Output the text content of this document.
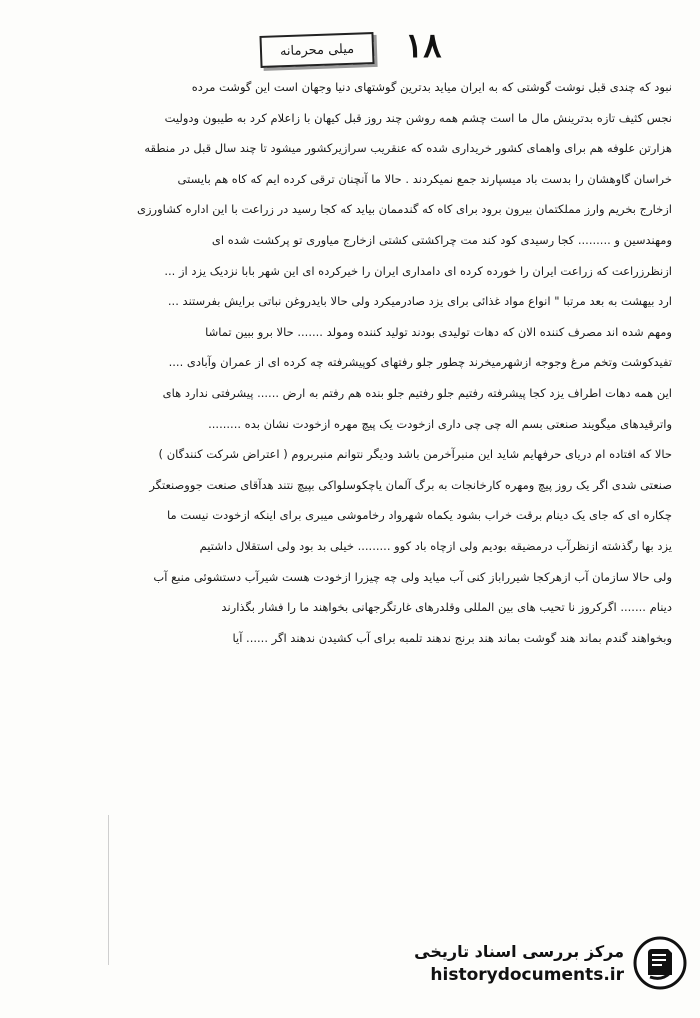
میلی محرمانه	۱۸
نبود که چندی قبل نوشت گوشتی که به ایران میاید بدترین گوشتهای دنیا وجهان است این گوشت مرده
نجس کثیف تازه بدترینش مال ما است چشم همه روشن چند روز قبل کیهان با زاعلام کرد به طیبون ودولیت
هزارتن علوفه هم برای واهمای کشور خریداری شده که عنقریب سرازیرکشور میشود تا چند سال قبل در منطقه
خراسان گاوهشان را بدست باد میسپارند جمع نمیکردند . حالا ما آنچنان ترقی کرده ایم که کاه هم بایستی
ازخارج بخریم وارز مملکتمان بیرون برود برای کاه که گندممان بیاید که کجا رسید در زراعت با این اداره کشاورزی
ومهندسین و ......... کجا رسیدی کود کند مت چراکشتی کشتی ازخارج میاوری تو پرکشت شده ای
ازنظرزراعت که زراعت ایران را خورده کرده ای دامداری ایران را خیرکرده ای این شهر بابا نزدیک یزد از ...
ارد بیهشت به بعد مرتبا " انواع مواد غذائی برای یزد صادرمیکرد ولی حالا بایدروغن نباتی برایش بفرستند ...
ومهم شده اند مصرف کننده الان که دهات تولیدی بودند تولید کننده ومولد ....... حالا برو ببین تماشا
تفیدکوشت وتخم مرغ وجوجه ازشهرمیخرند چطور جلو رفتهای کوپیشرفته چه کرده ای از عمران وآبادی ....
این همه دهات اطراف یزد کجا پیشرفته رفتیم جلو رفتیم جلو بنده هم رفتم به ارض ...... پیشرفتی ندارد های
واترقیدهای میگویند صنعتی بسم اله چی چی داری ازخودت یک پیچ مهره ازخودت نشان بده .........
حالا که افتاده ام دریای حرفهایم شاید این منبرآخرمن باشد ودیگر نتوانم منبربروم ( اعتراض شرکت کنندگان )
صنعتی شدی اگر یک روز پیچ ومهره کارخانجات به برگ آلمان یاچکوسلواکی بپیچ نتند هدآقای صنعت جووصنعتگر
چکاره ای که جای یک دینام برقت خراب بشود یکماه شهرواد رخاموشی میبری برای اینکه ازخودت نیست ما
یزد بها رگذشته ازنظرآب درمضیقه بودیم ولی ازچاه باد کوو ......... خیلی بد بود ولی استقلال داشتیم
ولی حالا سازمان آب ازهرکجا شیرراباز کنی آب میاید ولی چه چیزرا ازخودت هست شیرآب دستشوئی منبع آب
دینام ....... اگرکروز نا تحیب های بین المللی وقلدرهای غارتگرجهانی بخواهند ما را فشار بگذارند
وبخواهند گندم بماند هند گوشت بماند هند برنج ندهند تلمبه برای آب کشیدن ندهند اگر ...... آیا
مرکز بررسی اسناد تاریخی
historydocuments.ir
